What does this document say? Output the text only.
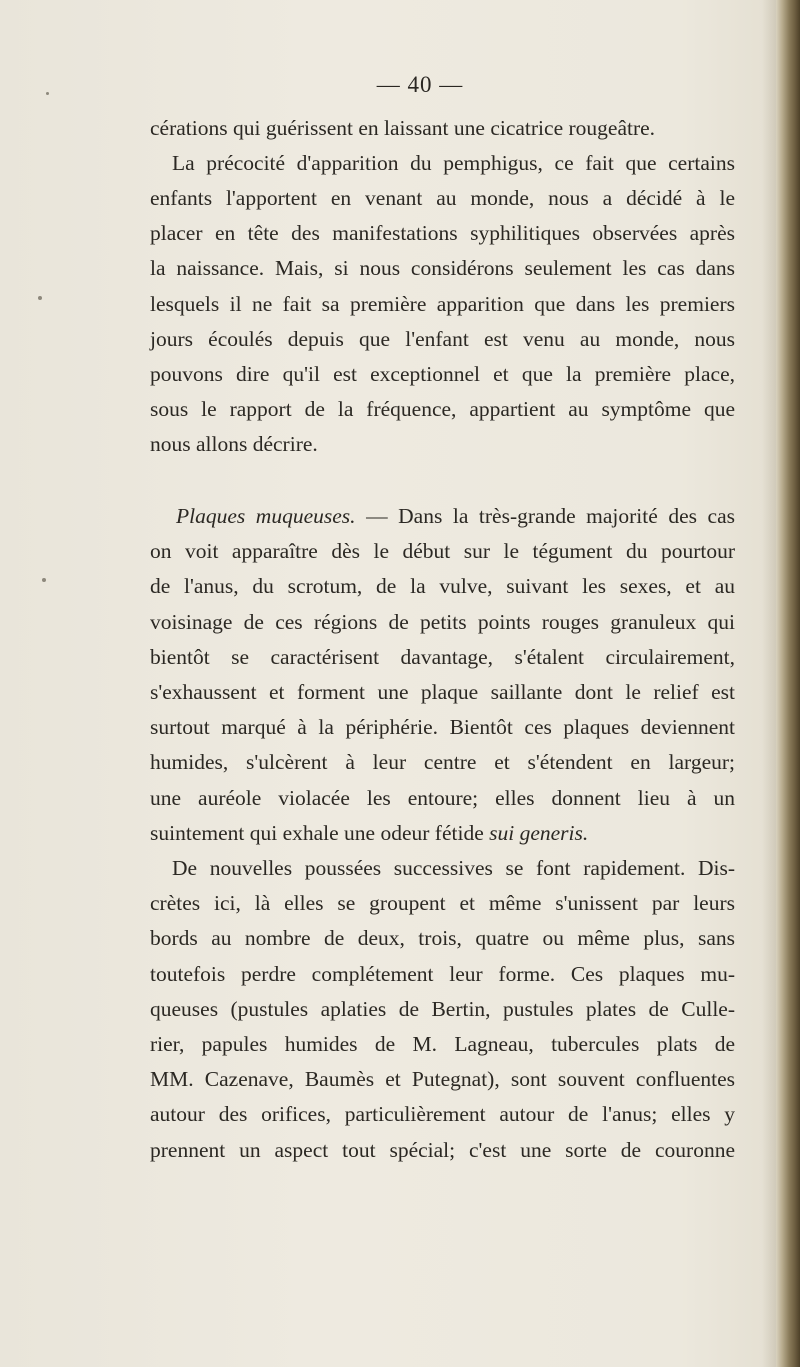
— 40 —
cérations qui guérissent en laissant une cicatrice rougeâtre.
La précocité d'apparition du pemphigus, ce fait que certains
enfants l'apportent en venant au monde, nous a décidé à le
placer en tête des manifestations syphilitiques observées après
la naissance. Mais, si nous considérons seulement les cas dans
lesquels il ne fait sa première apparition que dans les premiers
jours écoulés depuis que l'enfant est venu au monde, nous
pouvons dire qu'il est exceptionnel et que la première place,
sous le rapport de la fréquence, appartient au symptôme que
nous allons décrire.
Plaques muqueuses. — Dans la très-grande majorité des cas
on voit apparaître dès le début sur le tégument du pourtour
de l'anus, du scrotum, de la vulve, suivant les sexes, et au
voisinage de ces régions de petits points rouges granuleux qui
bientôt se caractérisent davantage, s'étalent circulairement,
s'exhaussent et forment une plaque saillante dont le relief est
surtout marqué à la périphérie. Bientôt ces plaques deviennent
humides, s'ulcèrent à leur centre et s'étendent en largeur;
une auréole violacée les entoure; elles donnent lieu à un
suintement qui exhale une odeur fétide sui generis.
De nouvelles poussées successives se font rapidement. Dis-
crètes ici, là elles se groupent et même s'unissent par leurs
bords au nombre de deux, trois, quatre ou même plus, sans
toutefois perdre complétement leur forme. Ces plaques mu-
queuses (pustules aplaties de Bertin, pustules plates de Culle-
rier, papules humides de M. Lagneau, tubercules plats de
MM. Cazenave, Baumès et Putegnat), sont souvent confluentes
autour des orifices, particulièrement autour de l'anus; elles y
prennent un aspect tout spécial; c'est une sorte de couronne
